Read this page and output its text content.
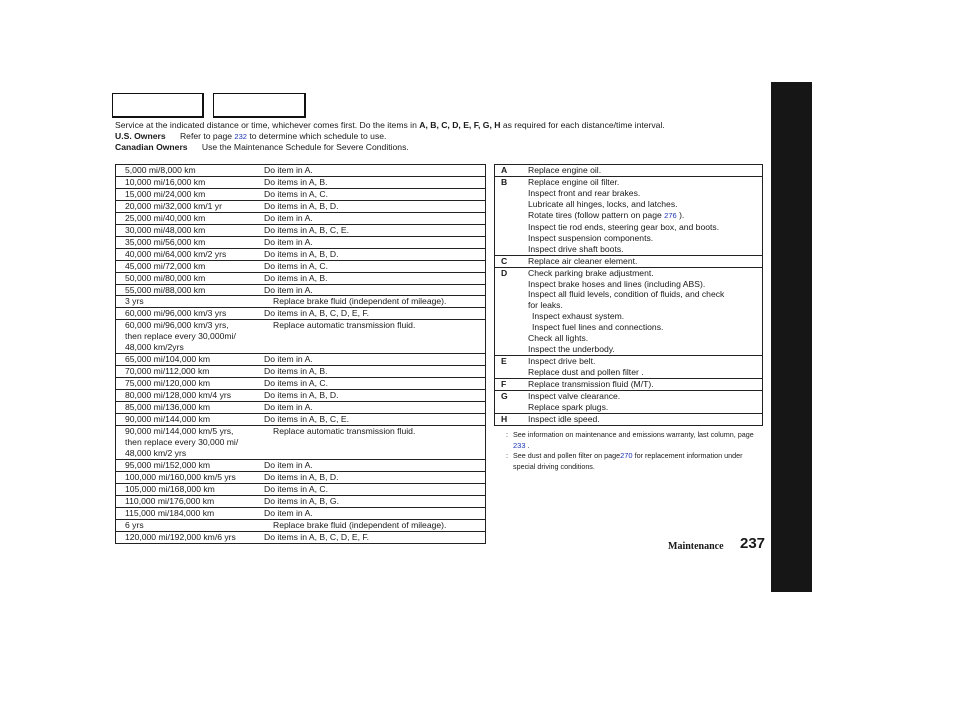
Service at the indicated distance or time, whichever comes first. Do the items in A, B, C, D, E, F, G, H as required for each distance/time interval.
U.S. Owners Refer to page 232 to determine which schedule to use.
Canadian Owners Use the Maintenance Schedule for Severe Conditions.
5,000 mi/8,000 km	Do item in A.

10,000 mi/16,000 km	Do items in A, B.

15,000 mi/24,000 km	Do items in A, C.

20,000 mi/32,000 km/1 yr	Do items in A, B, D.

25,000 mi/40,000 km	Do item in A.

30,000 mi/48,000 km	Do items in A, B, C, E.

35,000 mi/56,000 km	Do item in A.

40,000 mi/64,000 km/2 yrs	Do items in A, B, D.

45,000 mi/72,000 km	Do items in A, C.

50,000 mi/80,000 km	Do items in A, B.

55,000 mi/88,000 km	Do item in A.

3 yrs	Replace brake fluid (independent of mileage).

60,000 mi/96,000 km/3 yrs	Do items in A, B, C, D, E, F.

60,000 mi/96,000 km/3 yrs,
then replace every 30,000mi/
48,000 km/2yrs	Replace automatic transmission fluid.

65,000 mi/104,000 km	Do item in A.

70,000 mi/112,000 km	Do items in A, B.

75,000 mi/120,000 km	Do items in A, C.

80,000 mi/128,000 km/4 yrs	Do items in A, B, D.

85,000 mi/136,000 km	Do item in A.

90,000 mi/144,000 km	Do items in A, B, C, E.

90,000 mi/144,000 km/5 yrs,
then replace every 30,000 mi/
48,000 km/2 yrs	Replace automatic transmission fluid.

95,000 mi/152,000 km	Do item in A.

100,000 mi/160,000 km/5 yrs	Do items in A, B, D.

105,000 mi/168,000 km	Do items in A, C.

110,000 mi/176,000 km	Do items in A, B, G.

115,000 mi/184,000 km	Do item in A.

6 yrs	Replace brake fluid (independent of mileage).

120,000 mi/192,000 km/6 yrs	Do items in A, B, C, D, E, F.
A	Replace engine oil.
B	Replace engine oil filter.
	Inspect front and rear brakes.
	Lubricate all hinges, locks, and latches.
	Rotate tires (follow pattern on page 276 ).
	Inspect tie rod ends, steering gear box, and boots.
	Inspect suspension components.
	Inspect drive shaft boots.
C	Replace air cleaner element.
D	Check parking brake adjustment.
	Inspect brake hoses and lines (including ABS).
	Inspect all fluid levels, condition of fluids, and check
	for leaks.
	Inspect exhaust system.
	Inspect fuel lines and connections.
	Check all lights.
	Inspect the underbody.
E	Inspect drive belt.
	Replace dust and pollen filter .
F	Replace transmission fluid (M/T).
G	Inspect valve clearance.
	Replace spark plugs.
H	Inspect idle speed.
: See information on maintenance and emissions warranty, last column, page 233 .
: See dust and pollen filter on page270 for replacement information under special driving conditions.
Maintenance 237
